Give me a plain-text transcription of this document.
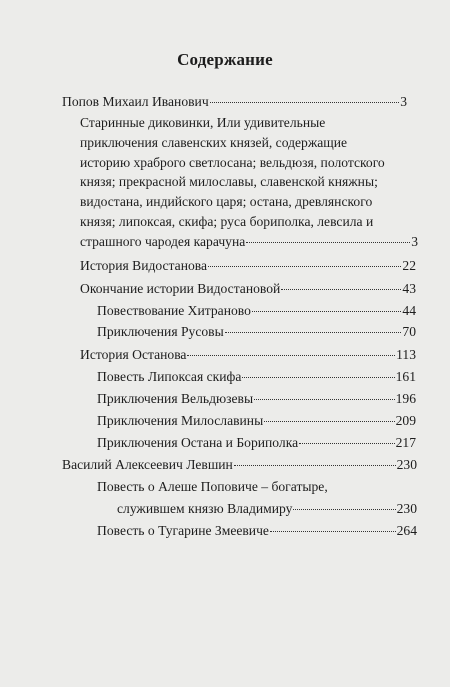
Содержание
Попов Михаил Иванович	3
Старинные диковинки, Или удивительные
приключения славенских князей, содержащие
историю храброго светлосана; вельдюзя, полотского
князя; прекрасной милославы, славенской княжны;
видостана, индийского царя; остана, древлянского
князя; липоксая, скифа; руса бориполка, левсила и
страшного чародея карачуна	3
История Видостанова	22
Окончание истории Видостановой	43
Повествование Хитраново	44
Приключения Русовы	70
История Останова	113
Повесть Липоксая скифа	161
Приключения Вельдюзевы	196
Приключения Милославины	209
Приключения Остана и Бориполка	217
Василий Алексеевич Левшин	230
Повесть о Алеше Поповиче – богатыре,
служившем князю Владимиру	230
Повесть о Тугарине Змеевиче	264
